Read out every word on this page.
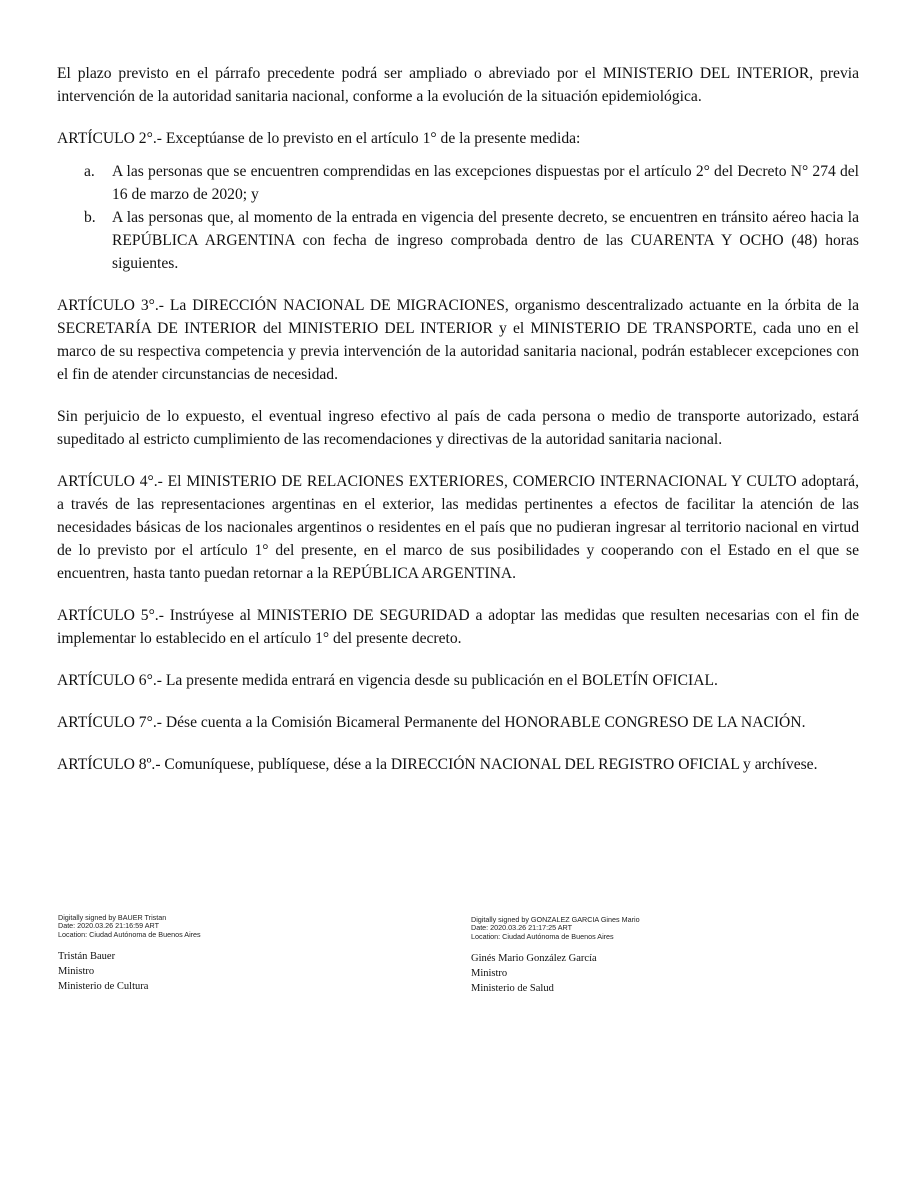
El plazo previsto en el párrafo precedente podrá ser ampliado o abreviado por el MINISTERIO DEL INTERIOR, previa intervención de la autoridad sanitaria nacional, conforme a la evolución de la situación epidemiológica.

ARTÍCULO 2°.- Exceptúanse de lo previsto en el artículo 1° de la presente medida:

a.	A las personas que se encuentren comprendidas en las excepciones dispuestas por el artículo 2° del Decreto N° 274 del 16 de marzo de 2020; y
b.	A las personas que, al momento de la entrada en vigencia del presente decreto, se encuentren en tránsito aéreo hacia la REPÚBLICA ARGENTINA con fecha de ingreso comprobada dentro de las CUARENTA Y OCHO (48) horas siguientes.

ARTÍCULO 3°.- La DIRECCIÓN NACIONAL DE MIGRACIONES, organismo descentralizado actuante en la órbita de la SECRETARÍA DE INTERIOR del MINISTERIO DEL INTERIOR y el MINISTERIO DE TRANSPORTE, cada uno en el marco de su respectiva competencia y previa intervención de la autoridad sanitaria nacional, podrán establecer excepciones con el fin de atender circunstancias de necesidad.

Sin perjuicio de lo expuesto, el eventual ingreso efectivo al país de cada persona o medio de transporte autorizado, estará supeditado al estricto cumplimiento de las recomendaciones y directivas de la autoridad sanitaria nacional.

ARTÍCULO 4°.- El MINISTERIO DE RELACIONES EXTERIORES, COMERCIO INTERNACIONAL Y CULTO adoptará, a través de las representaciones argentinas en el exterior, las medidas pertinentes a efectos de facilitar la atención de las necesidades básicas de los nacionales argentinos o residentes en el país que no pudieran ingresar al territorio nacional en virtud de lo previsto por el artículo 1° del presente, en el marco de sus posibilidades y cooperando con el Estado en el que se encuentren, hasta tanto puedan retornar a la REPÚBLICA ARGENTINA.

ARTÍCULO 5°.- Instrúyese al MINISTERIO DE SEGURIDAD a adoptar las medidas que resulten necesarias con el fin de implementar lo establecido en el artículo 1° del presente decreto.

ARTÍCULO 6°.- La presente medida entrará en vigencia desde su publicación en el BOLETÍN OFICIAL.

ARTÍCULO 7°.- Dése cuenta a la Comisión Bicameral Permanente del HONORABLE CONGRESO DE LA NACIÓN.

ARTÍCULO 8º.- Comuníquese, publíquese, dése a la DIRECCIÓN NACIONAL DEL REGISTRO OFICIAL y archívese.

Digitally signed by BAUER Tristan
Date: 2020.03.26 21:16:59 ART
Location: Ciudad Autónoma de Buenos Aires
Tristán Bauer
Ministro
Ministerio de Cultura
Digitally signed by GONZALEZ GARCIA Gines Mario
Date: 2020.03.26 21:17:25 ART
Location: Ciudad Autónoma de Buenos Aires
Ginés Mario González García
Ministro
Ministerio de Salud
